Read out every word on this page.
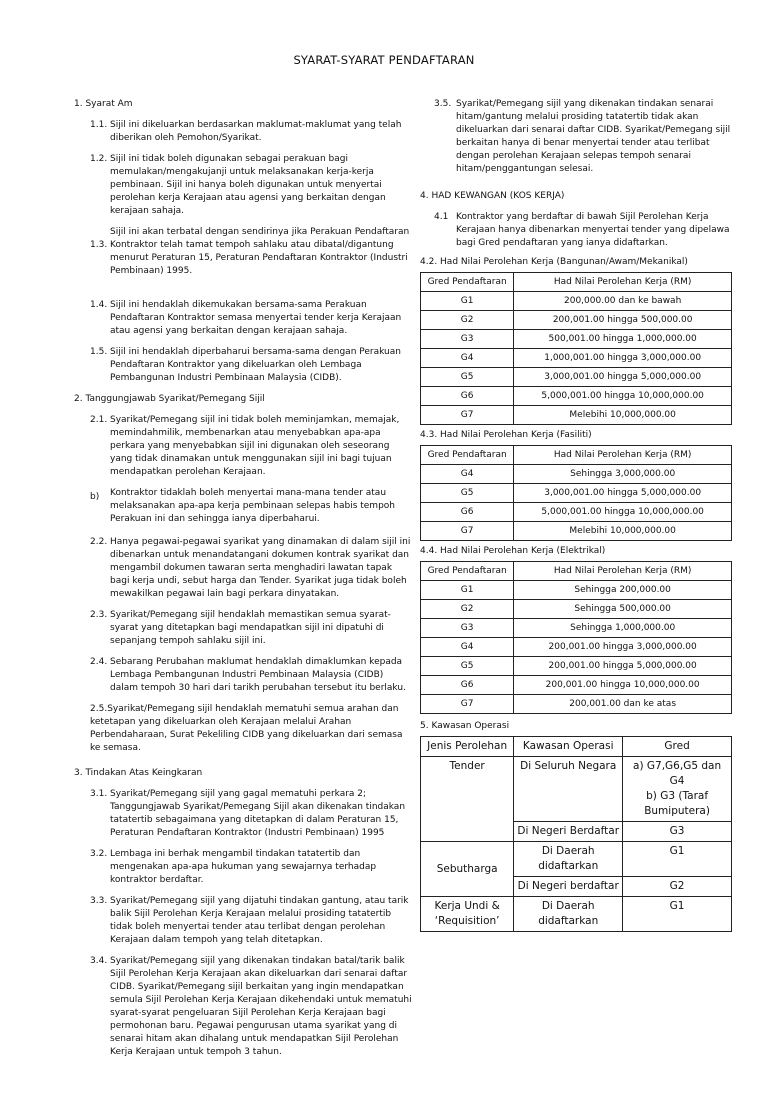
SYARAT-SYARAT PENDAFTARAN
1. Syarat Am
1.1. Sijil ini dikeluarkan berdasarkan maklumat-maklumat yang telah diberikan oleh Pemohon/Syarikat.
1.2. Sijil ini tidak boleh digunakan sebagai perakuan bagi memulakan/mengakujanji untuk melaksanakan kerja-kerja pembinaan. Sijil ini hanya boleh digunakan untuk menyertai perolehan kerja Kerajaan atau agensi yang berkaitan dengan kerajaan sahaja.
1.3.
Sijil ini akan terbatal dengan sendirinya jika Perakuan Pendaftaran Kontraktor telah tamat tempoh sahlaku atau dibatal/digantung menurut Peraturan 15, Peraturan Pendaftaran Kontraktor (Industri Pembinaan) 1995.
1.4. Sijil ini hendaklah dikemukakan bersama-sama Perakuan Pendaftaran Kontraktor semasa menyertai tender kerja Kerajaan atau agensi yang berkaitan dengan kerajaan sahaja.
1.5. Sijil ini hendaklah diperbaharui bersama-sama dengan Perakuan Pendaftaran Kontraktor yang dikeluarkan oleh Lembaga Pembangunan Industri Pembinaan Malaysia (CIDB).
2. Tanggungjawab Syarikat/Pemegang Sijil
2.1. Syarikat/Pemegang sijil ini tidak boleh meminjamkan, memajak, memindahmilik, membenarkan atau menyebabkan apa-apa perkara yang menyebabkan sijil ini digunakan oleh seseorang yang tidak dinamakan untuk menggunakan sijil ini bagi tujuan mendapatkan perolehan Kerajaan.
b) Kontraktor tidaklah boleh menyertai mana-mana tender atau melaksanakan apa-apa kerja pembinaan selepas habis tempoh Perakuan ini dan sehingga ianya diperbaharui.
2.2. Hanya pegawai-pegawai syarikat yang dinamakan di dalam sijil ini dibenarkan untuk menandatangani dokumen kontrak syarikat dan mengambil dokumen tawaran serta menghadiri lawatan tapak bagi kerja undi, sebut harga dan Tender. Syarikat juga tidak boleh mewakilkan pegawai lain bagi perkara dinyatakan.
2.3. Syarikat/Pemegang sijil hendaklah memastikan semua syarat-syarat yang ditetapkan bagi mendapatkan sijil ini dipatuhi di sepanjang tempoh sahlaku sijil ini.
2.4. Sebarang Perubahan maklumat hendaklah dimaklumkan kepada Lembaga Pembangunan Industri Pembinaan Malaysia (CIDB) dalam tempoh 30 hari dari tarikh perubahan tersebut itu berlaku.
2.5.Syarikat/Pemegang sijil hendaklah mematuhi semua arahan dan ketetapan yang dikeluarkan oleh Kerajaan melalui Arahan Perbendaharaan, Surat Pekeliling CIDB yang dikeluarkan dari semasa ke semasa.
3. Tindakan Atas Keingkaran
3.1. Syarikat/Pemegang sijil yang gagal mematuhi perkara 2; Tanggungjawab Syarikat/Pemegang Sijil akan dikenakan tindakan tatatertib sebagaimana yang ditetapkan di dalam Peraturan 15, Peraturan Pendaftaran Kontraktor (Industri Pembinaan) 1995
3.2. Lembaga ini berhak mengambil tindakan tatatertib dan mengenakan apa-apa hukuman yang sewajarnya terhadap kontraktor berdaftar.
3.3. Syarikat/Pemegang sijil yang dijatuhi tindakan gantung, atau tarik balik Sijil Perolehan Kerja Kerajaan melalui prosiding tatatertib tidak boleh menyertai tender atau terlibat dengan perolehan Kerajaan dalam tempoh yang telah ditetapkan.
3.4. Syarikat/Pemegang sijil yang dikenakan tindakan batal/tarik balik Sijil Perolehan Kerja Kerajaan akan dikeluarkan dari senarai daftar CIDB. Syarikat/Pemegang sijil berkaitan yang ingin mendapatkan semula Sijil Perolehan Kerja Kerajaan dikehendaki untuk mematuhi syarat-syarat pengeluaran Sijil Perolehan Kerja Kerajaan bagi permohonan baru. Pegawai pengurusan utama syarikat yang di senarai hitam akan dihalang untuk mendapatkan Sijil Perolehan Kerja Kerajaan untuk tempoh 3 tahun.
3.5. Syarikat/Pemegang sijil yang dikenakan tindakan senarai hitam/gantung melalui prosiding tatatertib tidak akan dikeluarkan dari senarai daftar CIDB. Syarikat/Pemegang sijil berkaitan hanya di benar menyertai tender atau terlibat dengan perolehan Kerajaan selepas tempoh senarai hitam/penggantungan selesai.
4. HAD KEWANGAN (KOS KERJA)
4.1 Kontraktor yang berdaftar di bawah Sijil Perolehan Kerja Kerajaan hanya dibenarkan menyertai tender yang dipelawa bagi Gred pendaftaran yang ianya didaftarkan.
4.2. Had Nilai Perolehan Kerja (Bangunan/Awam/Mekanikal)
Gred Pendaftaran	Had Nilai Perolehan Kerja (RM)
G1	200,000.00 dan ke bawah
G2	200,001.00 hingga 500,000.00
G3	500,001.00 hingga 1,000,000.00
G4	1,000,001.00 hingga 3,000,000.00
G5	3,000,001.00 hingga 5,000,000.00
G6	5,000,001.00 hingga 10,000,000.00
G7	Melebihi 10,000,000.00
4.3. Had Nilai Perolehan Kerja (Fasiliti)
Gred Pendaftaran	Had Nilai Perolehan Kerja (RM)
G4	Sehingga 3,000,000.00
G5	3,000,001.00 hingga 5,000,000.00
G6	5,000,001.00 hingga 10,000,000.00
G7	Melebihi 10,000,000.00
4.4. Had Nilai Perolehan Kerja (Elektrikal)
Gred Pendaftaran	Had Nilai Perolehan Kerja (RM)
G1	Sehingga 200,000.00
G2	Sehingga 500,000.00
G3	Sehingga 1,000,000.00
G4	200,001.00 hingga 3,000,000.00
G5	200,001.00 hingga 5,000,000.00
G6	200,001.00 hingga 10,000,000.00
G7	200,001.00 dan ke atas
5. Kawasan Operasi
Jenis Perolehan	Kawasan Operasi	Gred
Tender	Di Seluruh Negara	a) G7,G6,G5 dan G4
b) G3 (Taraf Bumiputera)

	Di Negeri Berdaftar	G3
Sebutharga	Di Daerah didaftarkan	G1
	Di Negeri berdaftar	G2
Kerja Undi & ‘Requisition’	Di Daerah didaftarkan	G1
